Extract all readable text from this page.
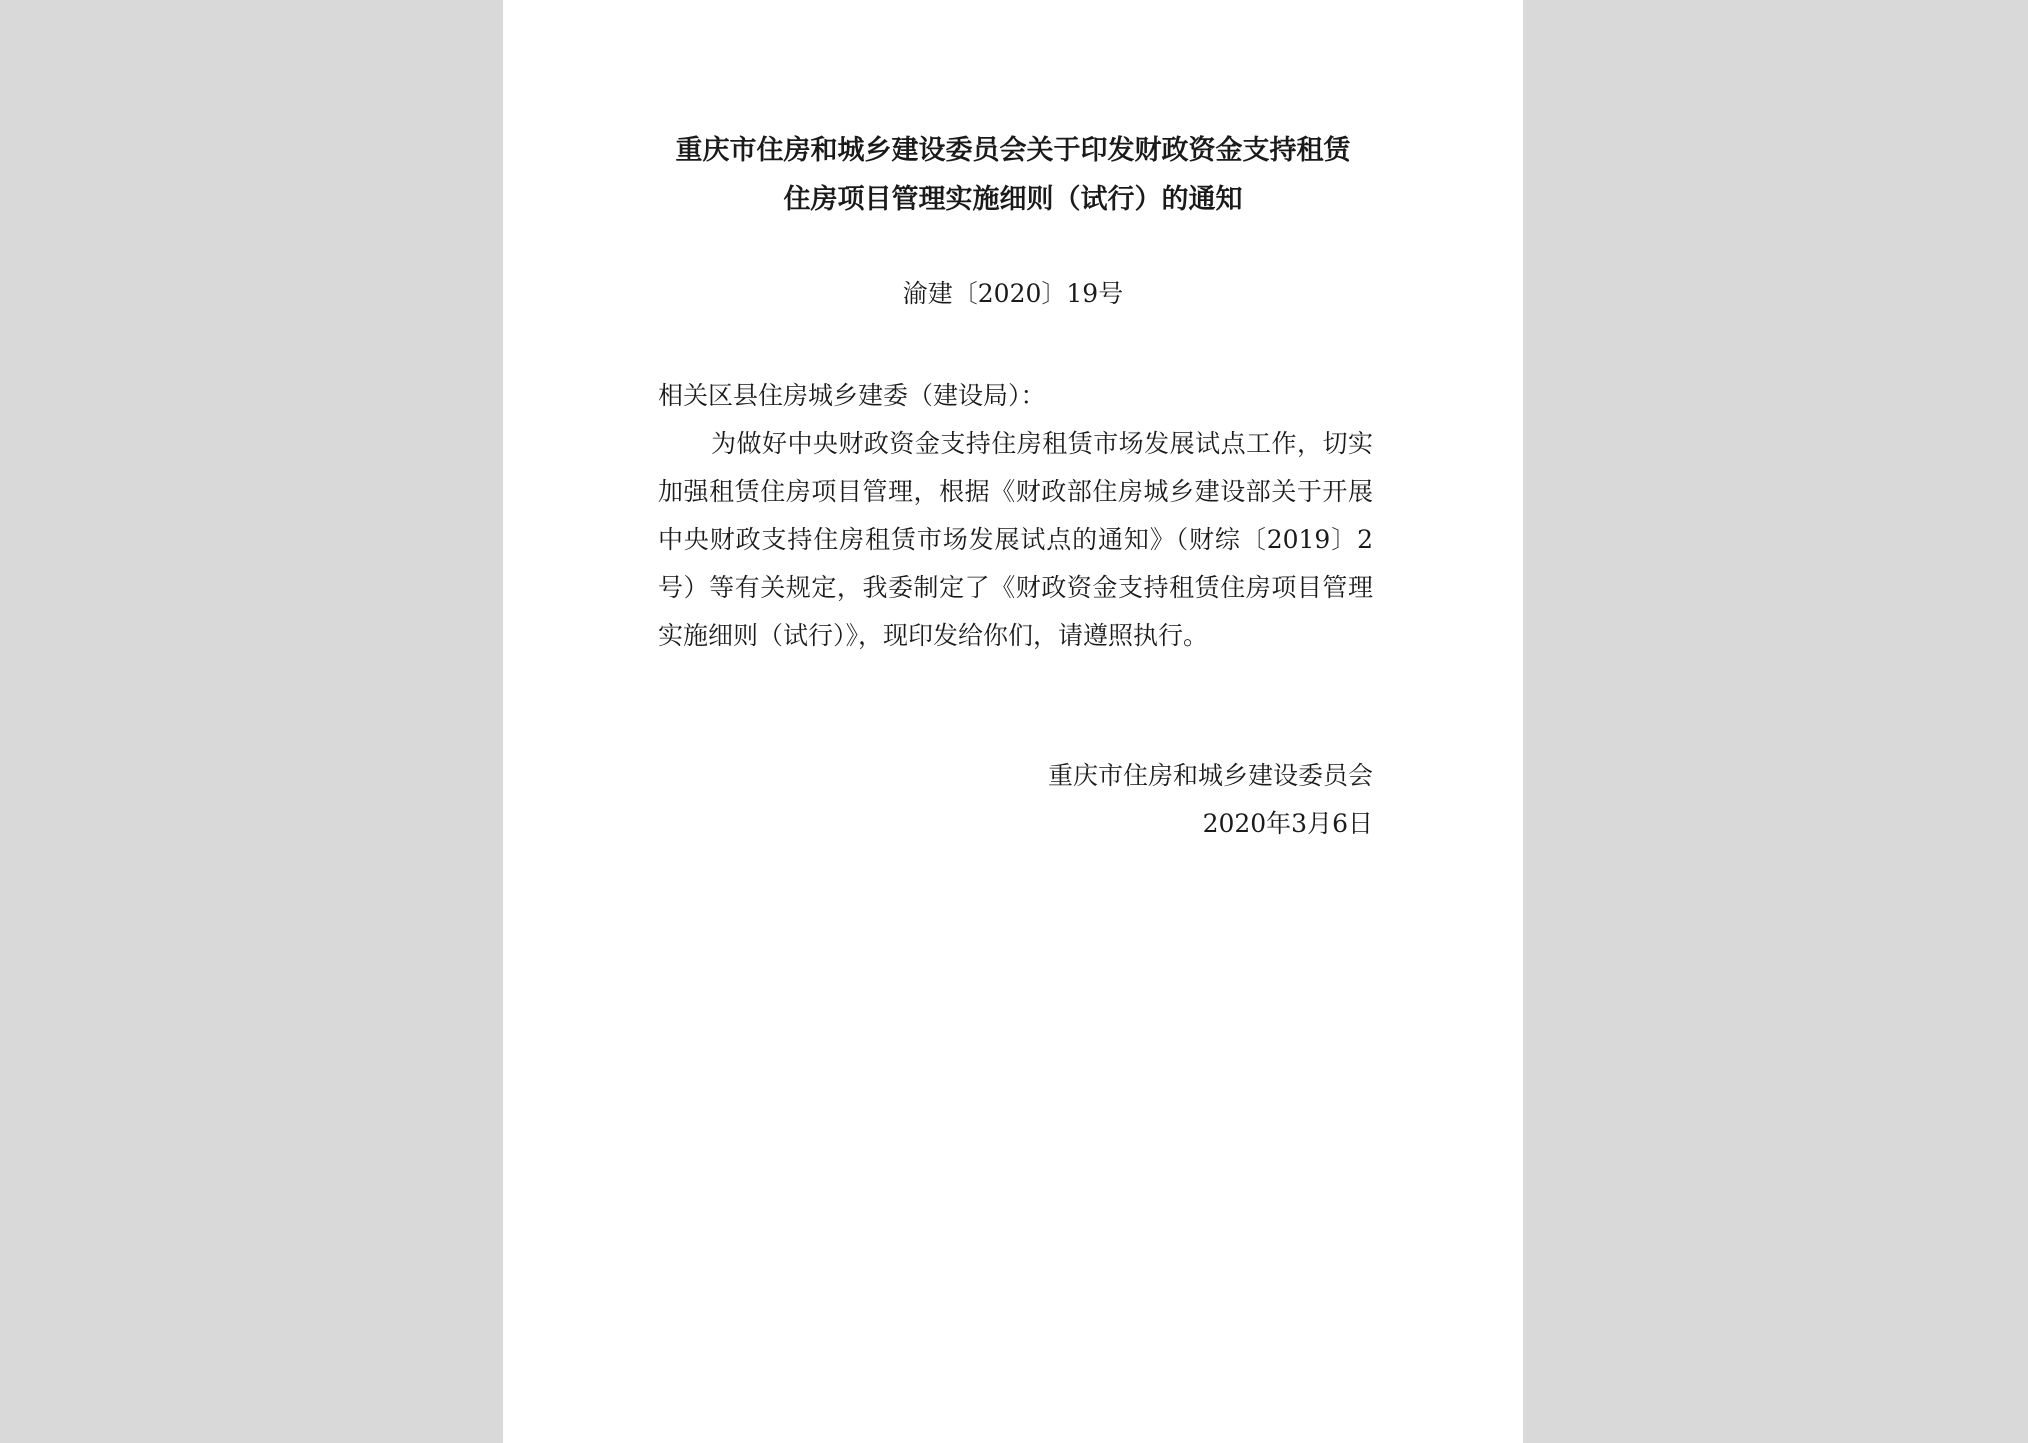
重庆市住房和城乡建设委员会关于印发财政资金支持租赁
住房项目管理实施细则（试行）的通知
渝建〔2020〕19号
相关区县住房城乡建委（建设局）：
为做好中央财政资金支持住房租赁市场发展试点工作，切实加强租赁住房项目管理，根据《财政部住房城乡建设部关于开展中央财政支持住房租赁市场发展试点的通知》（财综〔2019〕2号）等有关规定，我委制定了《财政资金支持租赁住房项目管理实施细则（试行）》，现印发给你们，请遵照执行。
重庆市住房和城乡建设委员会
2020年3月6日
